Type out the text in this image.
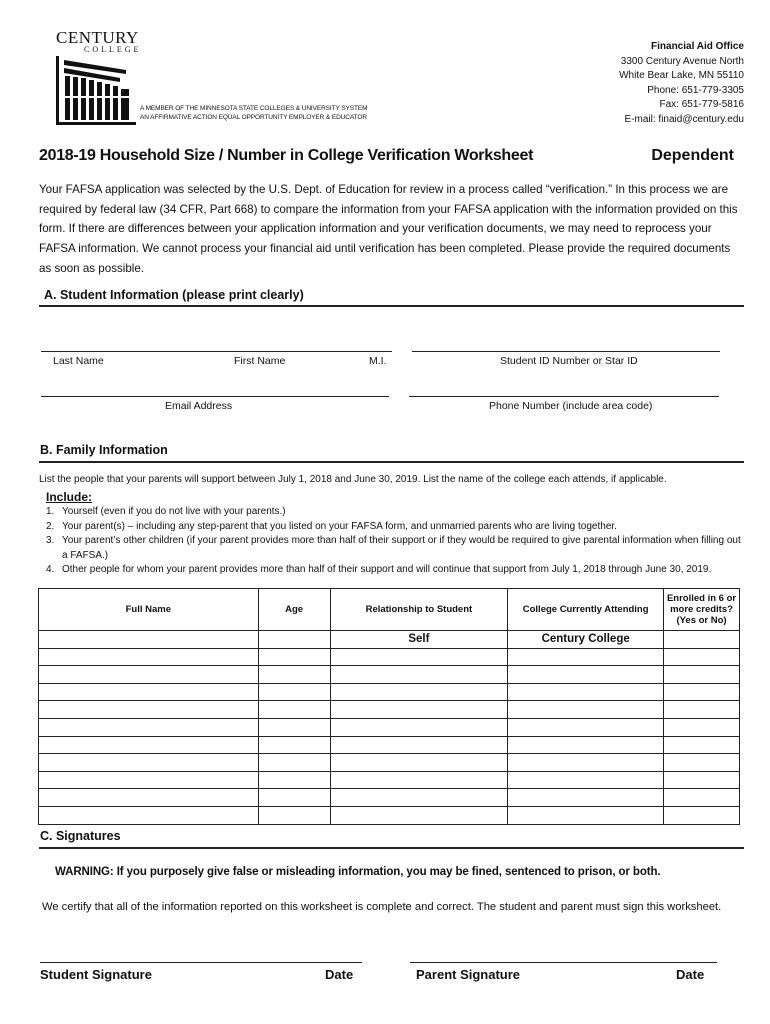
CENTURY
COLLEGE
A MEMBER OF THE MINNESOTA STATE COLLEGES & UNIVERSITY SYSTEM
AN AFFIRMATIVE ACTION EQUAL OPPORTUNITY EMPLOYER & EDUCATOR
Financial Aid Office
3300 Century Avenue North
White Bear Lake, MN 55110
Phone: 651-779-3305
Fax: 651-779-5816
E-mail: finaid@century.edu
2018-19 Household Size / Number in College Verification Worksheet	Dependent
Your FAFSA application was selected by the U.S. Dept. of Education for review in a process called “verification.” In this process we are required by federal law (34 CFR, Part 668) to compare the information from your FAFSA application with the information provided on this form. If there are differences between your application information and your verification documents, we may need to reprocess your FAFSA information. We cannot process your financial aid until verification has been completed. Please provide the required documents as soon as possible.
A. Student Information (please print clearly)
Last Name	First Name	M.I.	Student ID Number or Star ID
Email Address	Phone Number (include area code)
B. Family Information
List the people that your parents will support between July 1, 2018 and June 30, 2019. List the name of the college each attends, if applicable.
Include:
1. Yourself (even if you do not live with your parents.)
2. Your parent(s) – including any step-parent that you listed on your FAFSA form, and unmarried parents who are living together.
3. Your parent’s other children (if your parent provides more than half of their support or if they would be required to give parental information when filling out a FAFSA.)
4. Other people for whom your parent provides more than half of their support and will continue that support from July 1, 2018 through June 30, 2019.
Full Name	Age	Relationship to Student	College Currently Attending	Enrolled in 6 or more credits? (Yes or No)
		Self	Century College	

C. Signatures
WARNING: If you purposely give false or misleading information, you may be fined, sentenced to prison, or both.
We certify that all of the information reported on this worksheet is complete and correct. The student and parent must sign this worksheet.
Student Signature	Date	Parent Signature	Date
